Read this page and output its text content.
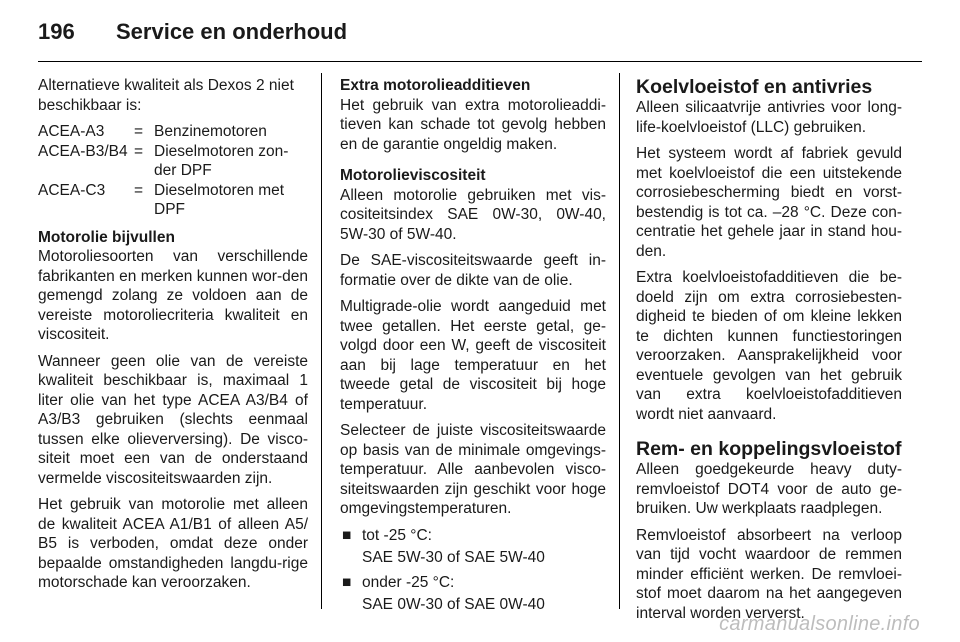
196	Service en onderhoud

Alternatieve kwaliteit als Dexos 2 niet beschikbaar is:

ACEA-A3	=	Benzinemotoren
ACEA-B3/B4	=	Dieselmotoren zon-der DPF
ACEA-C3	=	Dieselmotoren met DPF

Motorolie bijvullen

Motoroliesoorten van verschillende fabrikanten en merken kunnen wor-den gemengd zolang ze voldoen aan de vereiste motoroliecriteria kwaliteit en viscositeit.

Wanneer geen olie van de vereiste kwaliteit beschikbaar is, maximaal 1 liter olie van het type ACEA A3/B4 of A3/B3 gebruiken (slechts eenmaal tussen elke olieverversing). De visco-siteit moet een van de onderstaand vermelde viscositeitswaarden zijn.

Het gebruik van motorolie met alleen de kwaliteit ACEA A1/B1 of alleen A5/ B5 is verboden, omdat deze onder bepaalde omstandigheden langdu-rige motorschade kan veroorzaken.

Extra motorolieadditieven

Het gebruik van extra motorolieaddi-tieven kan schade tot gevolg hebben en de garantie ongeldig maken.

Motorolieviscositeit

Alleen motorolie gebruiken met vis-cositeitsindex SAE 0W-30, 0W-40, 5W-30 of 5W-40.

De SAE-viscositeitswaarde geeft in-formatie over de dikte van de olie.

Multigrade-olie wordt aangeduid met twee getallen. Het eerste getal, ge-volgd door een W, geeft de viscositeit aan bij lage temperatuur en het tweede getal de viscositeit bij hoge temperatuur.

Selecteer de juiste viscositeitswaarde op basis van de minimale omgevings-temperatuur. Alle aanbevolen visco-siteitswaarden zijn geschikt voor hoge omgevingstemperaturen.

■ tot -25 °C:

SAE 5W-30 of SAE 5W-40

■ onder -25 °C:

SAE 0W-30 of SAE 0W-40

Koelvloeistof en antivries

Alleen silicaatvrije antivries voor long-life-koelvloeistof (LLC) gebruiken.

Het systeem wordt af fabriek gevuld met koelvloeistof die een uitstekende corrosiebescherming biedt en vorst-bestendig is tot ca. –28 °C. Deze con-centratie het gehele jaar in stand hou-den.

Extra koelvloeistofadditieven die be-doeld zijn om extra corrosiebesten-digheid te bieden of om kleine lekken te dichten kunnen functiestoringen veroorzaken. Aansprakelijkheid voor eventuele gevolgen van het gebruik van extra koelvloeistofadditieven wordt niet aanvaard.

Rem- en koppelingsvloeistof

Alleen goedgekeurde heavy duty-remvloeistof DOT4 voor de auto ge-bruiken. Uw werkplaats raadplegen.

Remvloeistof absorbeert na verloop van tijd vocht waardoor de remmen minder efficiënt werken. De remvloei-stof moet daarom na het aangegeven interval worden ververst.

carmanualsonline.info
